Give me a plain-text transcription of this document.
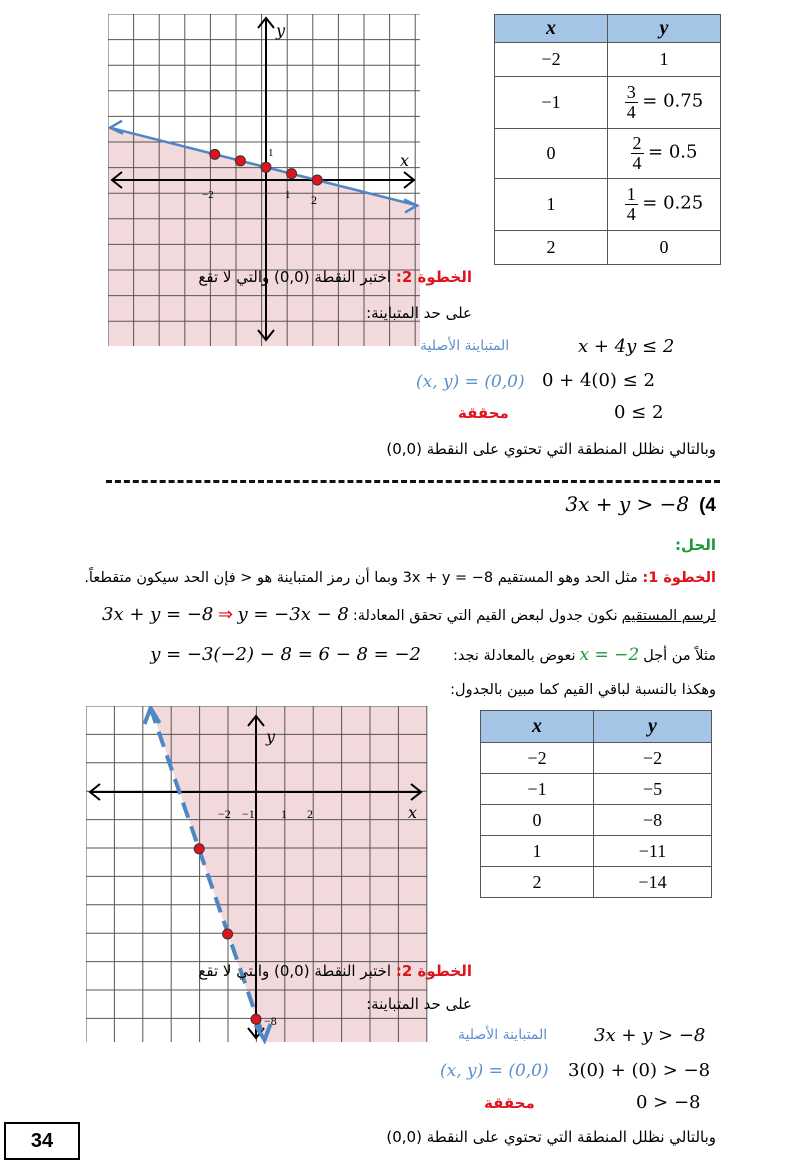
y
x
1
−2	1 2
x	y
−2	1
−1	$\frac{3}{4} = 0.75$
0	$\frac{2}{4} = 0.5$
1	$\frac{1}{4} = 0.25$
2	0
الخطوة 2: اختبر النقطة (0,0) والتي لا تقع
على حد المتباينة:
المتباينة الأصلية	x + 4y ≤ 2
(x, y) = (0,0) 0 + 4(0) ≤ 2
محققة	0 ≤ 2
وبالتالي نظلل المنطقة التي تحتوي على النقطة (0,0)
3x + y > −8 (4
الحل:
الخطوة 1: مثل الحد وهو المستقيم 3x + y = −8 وبما أن رمز المتباينة هو < فإن الحد سيكون متقطعاً.
لرسم المستقيم نكون جدول لبعض القيم التي تحقق المعادلة: 3x + y = −8 ⇒ y = −3x − 8
مثلاً من أجل x = −2 نعوض بالمعادلة نجد: y = −3(−2) − 8 = 6 − 8 = −2
وهكذا بالنسبة لباقي القيم كما مبين بالجدول:
y
x
−2 −1 1 2
−8
x	y
−2	−2
−1	−5
0	−8
1	−11
2	−14
الخطوة 2: اختبر النقطة (0,0) والتي لا تقع
على حد المتباينة:
المتباينة الأصلية	3x + y > −8
(x, y) = (0,0) 3(0) + (0) > −8
محققة	0 > −8
وبالتالي نظلل المنطقة التي تحتوي على النقطة (0,0)
34
